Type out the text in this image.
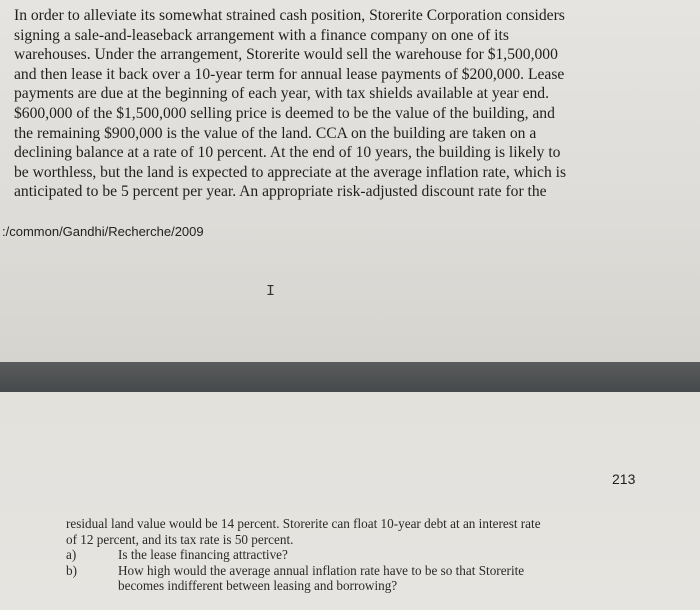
In order to alleviate its somewhat strained cash position, Storerite Corporation considers
signing a sale-and-leaseback arrangement with a finance company on one of its
warehouses. Under the arrangement, Storerite would sell the warehouse for $1,500,000
and then lease it back over a 10-year term for annual lease payments of $200,000. Lease
payments are due at the beginning of each year, with tax shields available at year end.
$600,000 of the $1,500,000 selling price is deemed to be the value of the building, and
the remaining $900,000 is the value of the land. CCA on the building are taken on a
declining balance at a rate of 10 percent. At the end of 10 years, the building is likely to
be worthless, but the land is expected to appreciate at the average inflation rate, which is
anticipated to be 5 percent per year. An appropriate risk-adjusted discount rate for the
:/common/Gandhi/Recherche/2009
I
213
residual land value would be 14 percent. Storerite can float 10-year debt at an interest rate
of 12 percent, and its tax rate is 50 percent.
a)	Is the lease financing attractive?
b)	How high would the average annual inflation rate have to be so that Storerite
becomes indifferent between leasing and borrowing?
